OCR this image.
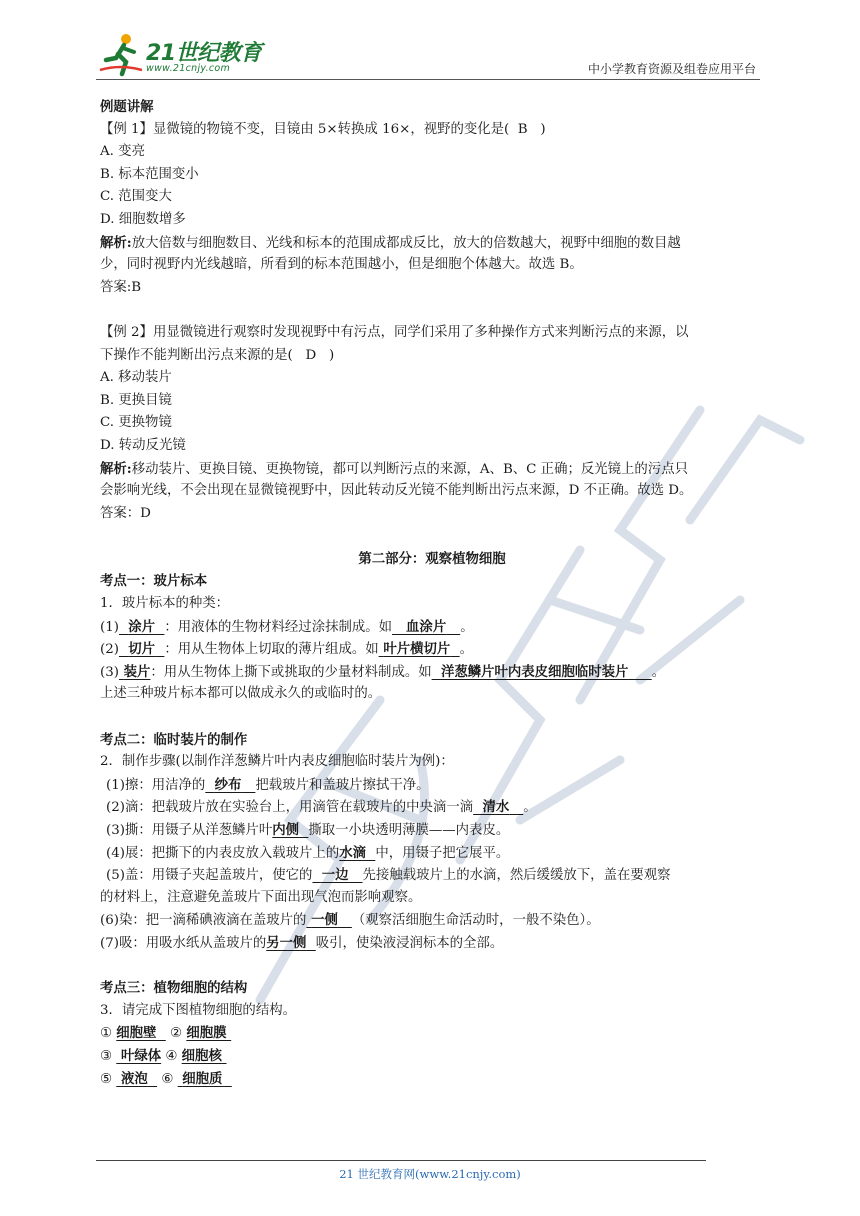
21世纪教育
www.21cnjy.com	中小学教育资源及组卷应用平台
例题讲解
【例 1】显微镜的物镜不变，目镜由 5×转换成 16×，视野的变化是( B )
A. 变亮
B. 标本范围变小
C. 范围变大
D. 细胞数增多
解析:放大倍数与细胞数目、光线和标本的范围成都成反比，放大的倍数越大，视野中细胞的数目越
少，同时视野内光线越暗，所看到的标本范围越小，但是细胞个体越大。故选 B。
答案:B
【例 2】用显微镜进行观察时发现视野中有污点，同学们采用了多种操作方式来判断污点的来源，以
下操作不能判断出污点来源的是( D )
A. 移动装片
B. 更换目镜
C. 更换物镜
D. 转动反光镜
解析:移动装片、更换目镜、更换物镜，都可以判断污点的来源，A、B、C 正确；反光镜上的污点只
会影响光线，不会出现在显微镜视野中，因此转动反光镜不能判断出污点来源，D 不正确。故选 D。
答案：D
第二部分：观察植物细胞
考点一：玻片标本
1．玻片标本的种类：
(1) 涂片 ：用液体的生物材料经过涂抹制成。如 血涂片 。
(2) 切片 ：用从生物体上切取的薄片组成。如 叶片横切片 。
(3) 装片：用从生物体上撕下或挑取的少量材料制成。如 洋葱鳞片叶内表皮细胞临时装片 。
上述三种玻片标本都可以做成永久的或临时的。
考点二：临时装片的制作
2．制作步骤(以制作洋葱鳞片叶内表皮细胞临时装片为例)：
(1)擦：用洁净的 纱布 把载玻片和盖玻片擦拭干净。
(2)滴：把载玻片放在实验台上，用滴管在载玻片的中央滴一滴 清水 。
(3)撕：用镊子从洋葱鳞片叶内侧 撕取一小块透明薄膜——内表皮。
(4)展：把撕下的内表皮放入载玻片上的水滴 中，用镊子把它展平。
(5)盖：用镊子夹起盖玻片，使它的 一边 先接触载玻片上的水滴，然后缓缓放下，盖在要观察
的材料上，注意避免盖玻片下面出现气泡而影响观察。
(6)染：把一滴稀碘液滴在盖玻片的 一侧 （观察活细胞生命活动时，一般不染色）。
(7)吸：用吸水纸从盖玻片的另一侧 吸引，使染液浸润标本的全部。
考点三：植物细胞的结构
3．请完成下图植物细胞的结构。
① 细胞壁 ② 细胞膜
③ 叶绿体 ④ 细胞核
⑤ 液泡 ⑥ 细胞质
21 世纪教育网(www.21cnjy.com)
